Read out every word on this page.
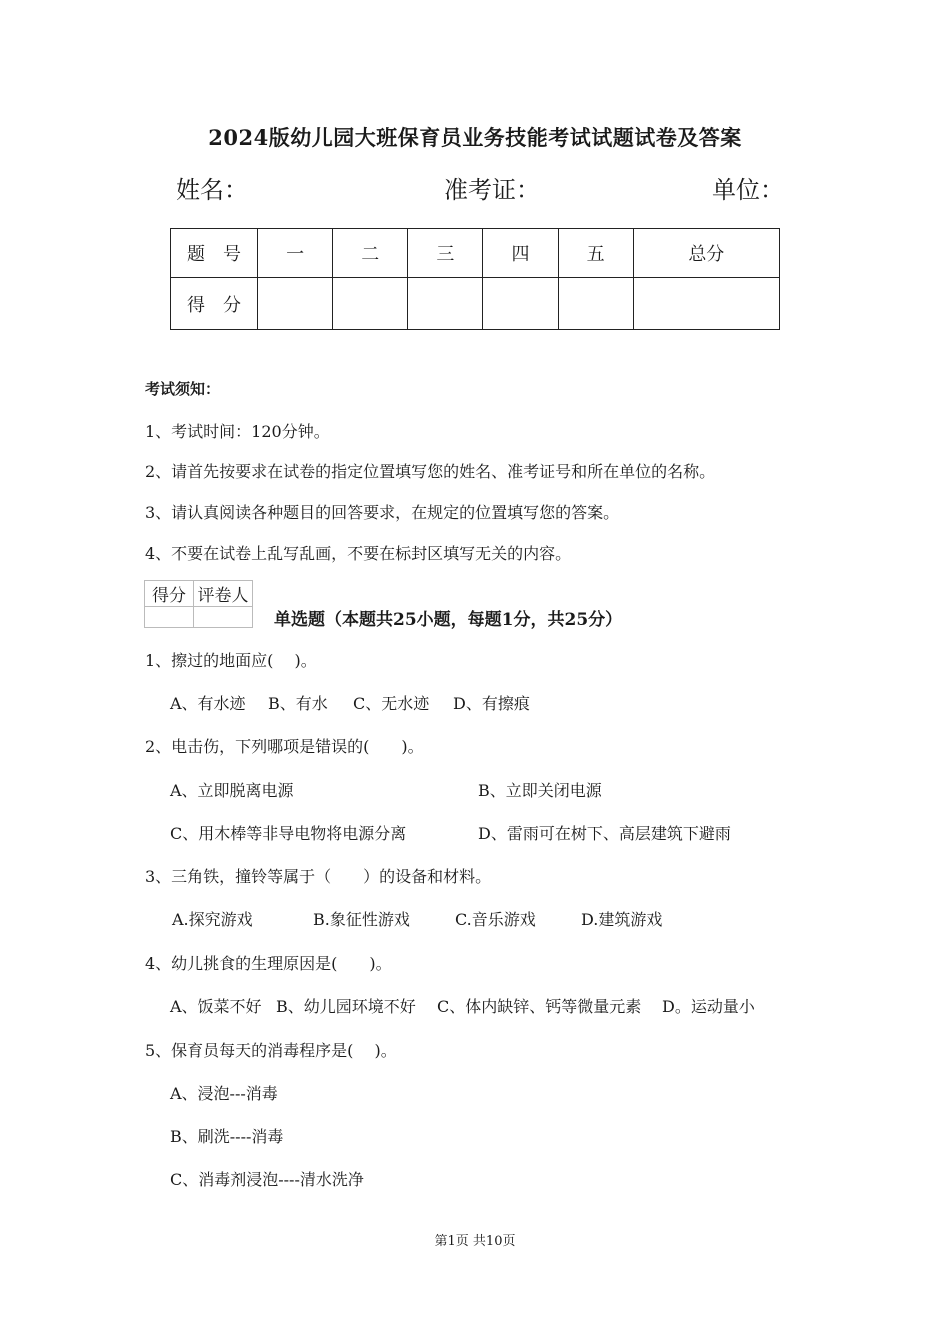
2024版幼儿园大班保育员业务技能考试试题试卷及答案
姓名：	准考证：	单位：
题　号	一	二	三	四	五	总分
得　分						
考试须知：
1、考试时间：120分钟。
2、请首先按要求在试卷的指定位置填写您的姓名、准考证号和所在单位的名称。
3、请认真阅读各种题目的回答要求，在规定的位置填写您的答案。
4、不要在试卷上乱写乱画，不要在标封区填写无关的内容。
得分	评卷人

单选题（本题共25小题，每题1分，共25分）
1、擦过的地面应(　 )。
A、有水迹 B、有水 C、无水迹 D、有擦痕
2、电击伤，下列哪项是错误的(　　)。
A、立即脱离电源	B、立即关闭电源
C、用木棒等非导电物将电源分离	D、雷雨可在树下、高层建筑下避雨
3、三角铁，撞铃等属于（　　）的设备和材料。
A.探究游戏	B.象征性游戏	C.音乐游戏	D.建筑游戏
4、幼儿挑食的生理原因是(　　)。
A、饭菜不好 B、幼儿园环境不好 C、体内缺锌、钙等微量元素 D。运动量小
5、保育员每天的消毒程序是(　 )。
A、浸泡---消毒
B、刷洗----消毒
C、消毒剂浸泡----清水洗净
第1页 共10页
